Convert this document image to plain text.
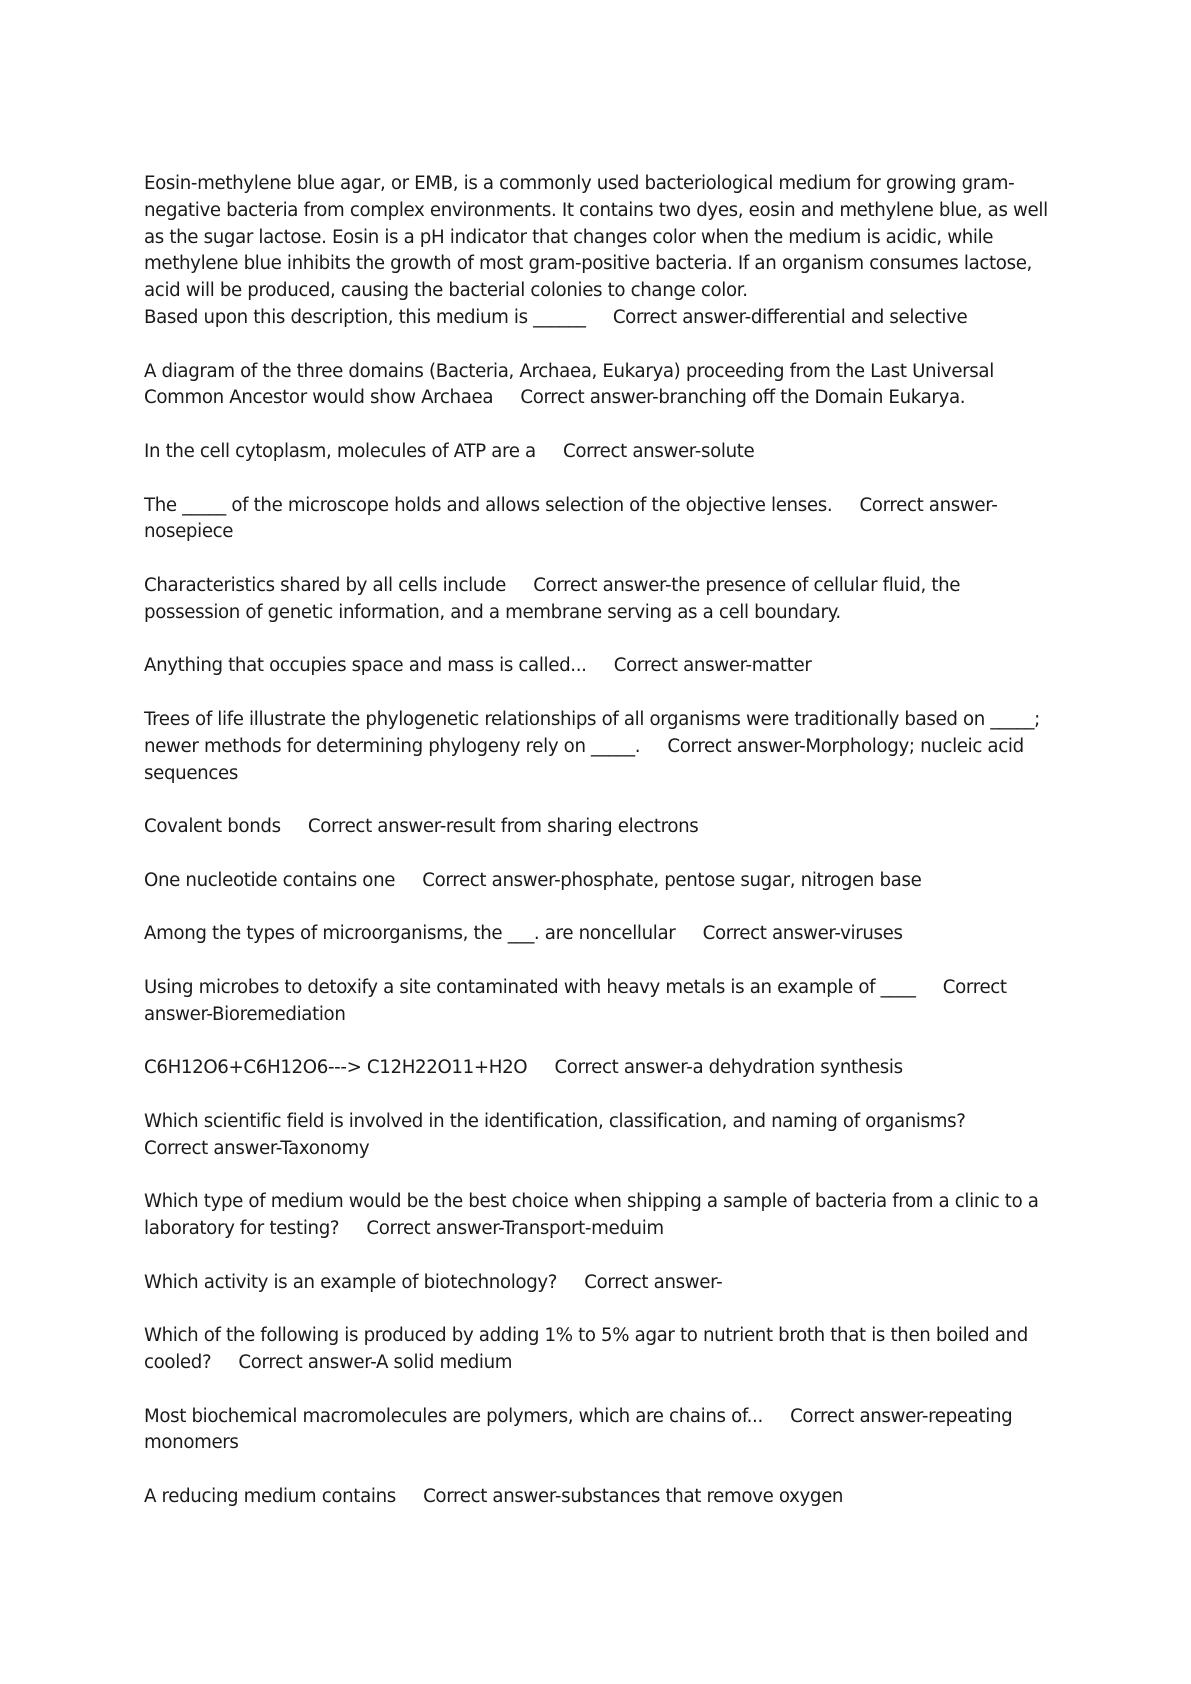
Eosin-methylene blue agar, or EMB, is a commonly used bacteriological medium for growing gram-negative bacteria from complex environments. It contains two dyes, eosin and methylene blue, as well as the sugar lactose. Eosin is a pH indicator that changes color when the medium is acidic, while methylene blue inhibits the growth of most gram-positive bacteria. If an organism consumes lactose, acid will be produced, causing the bacterial colonies to change color.
Based upon this description, this medium is ______ Correct answer-differential and selective

A diagram of the three domains (Bacteria, Archaea, Eukarya) proceeding from the Last Universal Common Ancestor would show Archaea Correct answer-branching off the Domain Eukarya.

In the cell cytoplasm, molecules of ATP are a Correct answer-solute

The _____ of the microscope holds and allows selection of the objective lenses. Correct answer-nosepiece

Characteristics shared by all cells include Correct answer-the presence of cellular fluid, the possession of genetic information, and a membrane serving as a cell boundary.

Anything that occupies space and mass is called... Correct answer-matter

Trees of life illustrate the phylogenetic relationships of all organisms were traditionally based on _____; newer methods for determining phylogeny rely on _____. Correct answer-Morphology; nucleic acid sequences

Covalent bonds Correct answer-result from sharing electrons

One nucleotide contains one Correct answer-phosphate, pentose sugar, nitrogen base

Among the types of microorganisms, the ___. are noncellular Correct answer-viruses

Using microbes to detoxify a site contaminated with heavy metals is an example of ____ Correct answer-Bioremediation

C6H12O6+C6H12O6---> C12H22O11+H2O Correct answer-a dehydration synthesis

Which scientific field is involved in the identification, classification, and naming of organisms?     Correct answer-Taxonomy

Which type of medium would be the best choice when shipping a sample of bacteria from a clinic to a laboratory for testing? Correct answer-Transport-meduim

Which activity is an example of biotechnology? Correct answer-

Which of the following is produced by adding 1% to 5% agar to nutrient broth that is then boiled and cooled? Correct answer-A solid medium

Most biochemical macromolecules are polymers, which are chains of... Correct answer-repeating monomers

A reducing medium contains Correct answer-substances that remove oxygen
